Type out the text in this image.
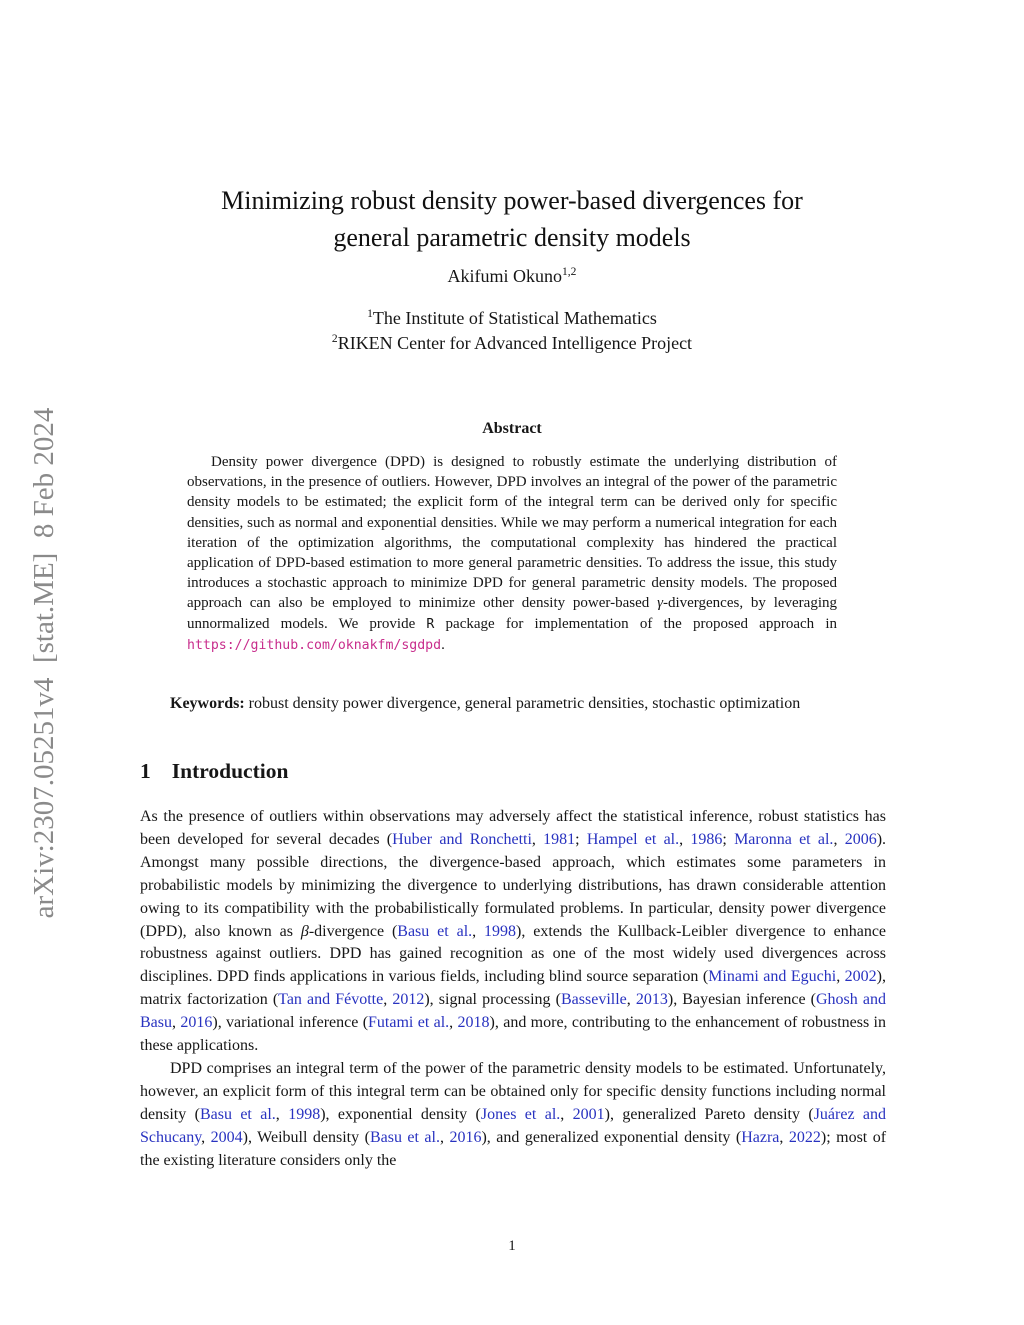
arXiv:2307.05251v4  [stat.ME]  8 Feb 2024
Minimizing robust density power-based divergences for
general parametric density models
Akifumi Okuno$^{1,2}$
$^1$The Institute of Statistical Mathematics
$^2$RIKEN Center for Advanced Intelligence Project
Abstract
Density power divergence (DPD) is designed to robustly estimate the underlying distribution of observations, in the presence of outliers. However, DPD involves an integral of the power of the parametric density models to be estimated; the explicit form of the integral term can be derived only for specific densities, such as normal and exponential densities. While we may perform a numerical integration for each iteration of the optimization algorithms, the computational complexity has hindered the practical application of DPD-based estimation to more general parametric densities. To address the issue, this study introduces a stochastic approach to minimize DPD for general parametric density models. The proposed approach can also be employed to minimize other density power-based γ-divergences, by leveraging unnormalized models. We provide R package for implementation of the proposed approach in https://github.com/oknakfm/sgdpd.
Keywords: robust density power divergence, general parametric densities, stochastic optimization
1 Introduction

As the presence of outliers within observations may adversely affect the statistical inference, robust statistics has been developed for several decades (Huber and Ronchetti, 1981; Hampel et al., 1986; Maronna et al., 2006). Amongst many possible directions, the divergence-based approach, which estimates some parameters in probabilistic models by minimizing the divergence to underlying distributions, has drawn considerable attention owing to its compatibility with the probabilistically formulated problems. In particular, density power divergence (DPD), also known as β-divergence (Basu et al., 1998), extends the Kullback-Leibler divergence to enhance robustness against outliers. DPD has gained recognition as one of the most widely used divergences across disciplines. DPD finds applications in various fields, including blind source separation (Minami and Eguchi, 2002), matrix factorization (Tan and Févotte, 2012), signal processing (Basseville, 2013), Bayesian inference (Ghosh and Basu, 2016), variational inference (Futami et al., 2018), and more, contributing to the enhancement of robustness in these applications.

DPD comprises an integral term of the power of the parametric density models to be estimated. Unfortunately, however, an explicit form of this integral term can be obtained only for specific density functions including normal density (Basu et al., 1998), exponential density (Jones et al., 2001), generalized Pareto density (Juárez and Schucany, 2004), Weibull density (Basu et al., 2016), and generalized exponential density (Hazra, 2022); most of the existing literature considers only the

1
